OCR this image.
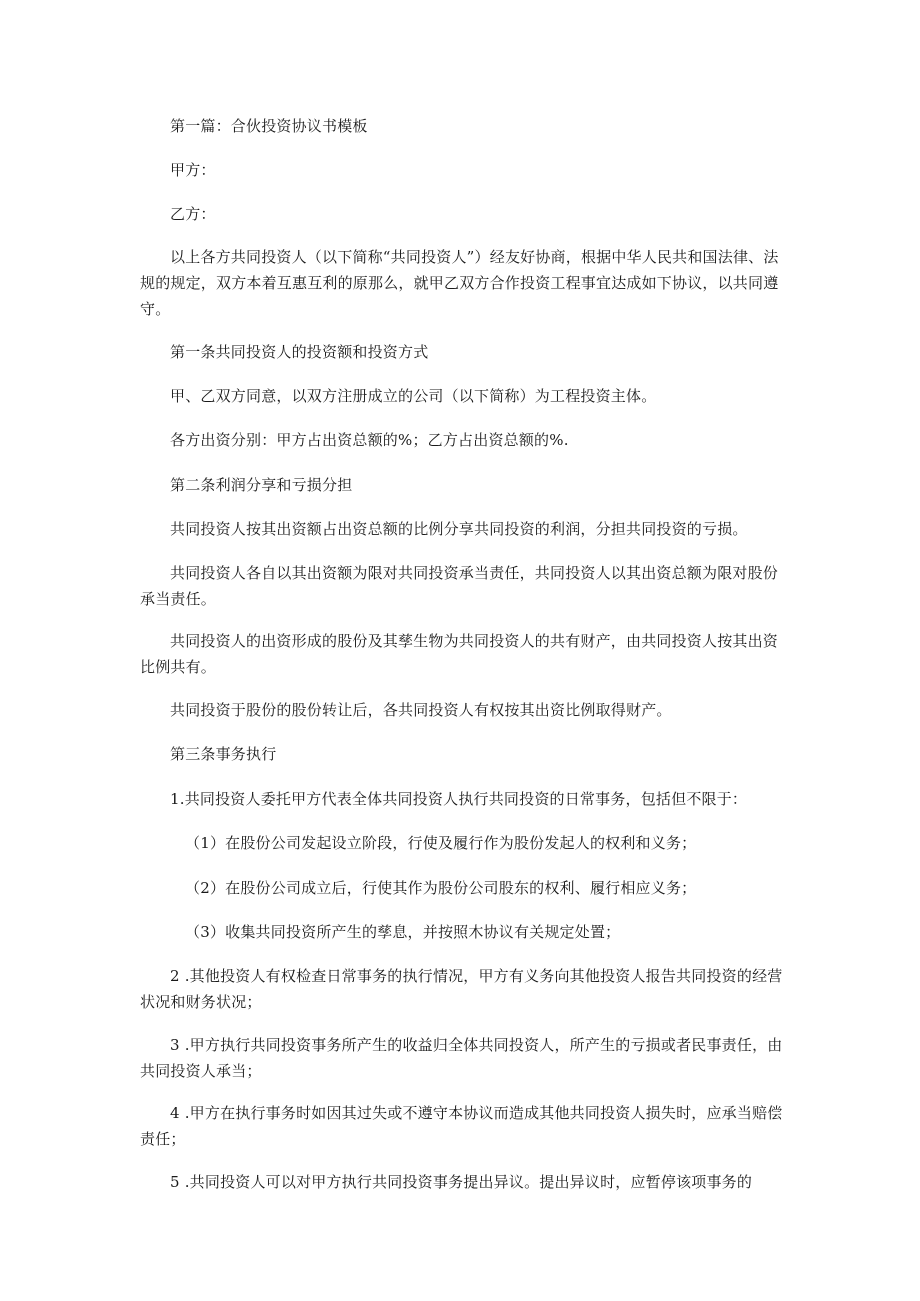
第一篇：合伙投资协议书模板

甲方：

乙方：

以上各方共同投资人（以下简称“共同投资人”）经友好协商，根据中华人民共和国法律、法规的规定，双方本着互惠互利的原那么，就甲乙双方合作投资工程事宜达成如下协议，以共同遵守。

第一条共同投资人的投资额和投资方式

甲、乙双方同意，以双方注册成立的公司（以下简称）为工程投资主体。

各方出资分别：甲方占出资总额的%；乙方占出资总额的%.

第二条利润分享和亏损分担

共同投资人按其出资额占出资总额的比例分享共同投资的利润，分担共同投资的亏损。

共同投资人各自以其出资额为限对共同投资承当责任，共同投资人以其出资总额为限对股份承当责任。

共同投资人的出资形成的股份及其孳生物为共同投资人的共有财产，由共同投资人按其出资比例共有。

共同投资于股份的股份转让后，各共同投资人有权按其出资比例取得财产。

第三条事务执行

1.共同投资人委托甲方代表全体共同投资人执行共同投资的日常事务，包括但不限于：

（1）在股份公司发起设立阶段，行使及履行作为股份发起人的权利和义务；

（2）在股份公司成立后，行使其作为股份公司股东的权利、履行相应义务；

（3）收集共同投资所产生的孳息，并按照木协议有关规定处置；

2 .其他投资人有权检查日常事务的执行情况，甲方有义务向其他投资人报告共同投资的经营状况和财务状况；

3 .甲方执行共同投资事务所产生的收益归全体共同投资人，所产生的亏损或者民事责任，由共同投资人承当；

4 .甲方在执行事务时如因其过失或不遵守本协议而造成其他共同投资人损失时，应承当赔偿责任；

5 .共同投资人可以对甲方执行共同投资事务提出异议。提出异议时，应暂停该项事务的
